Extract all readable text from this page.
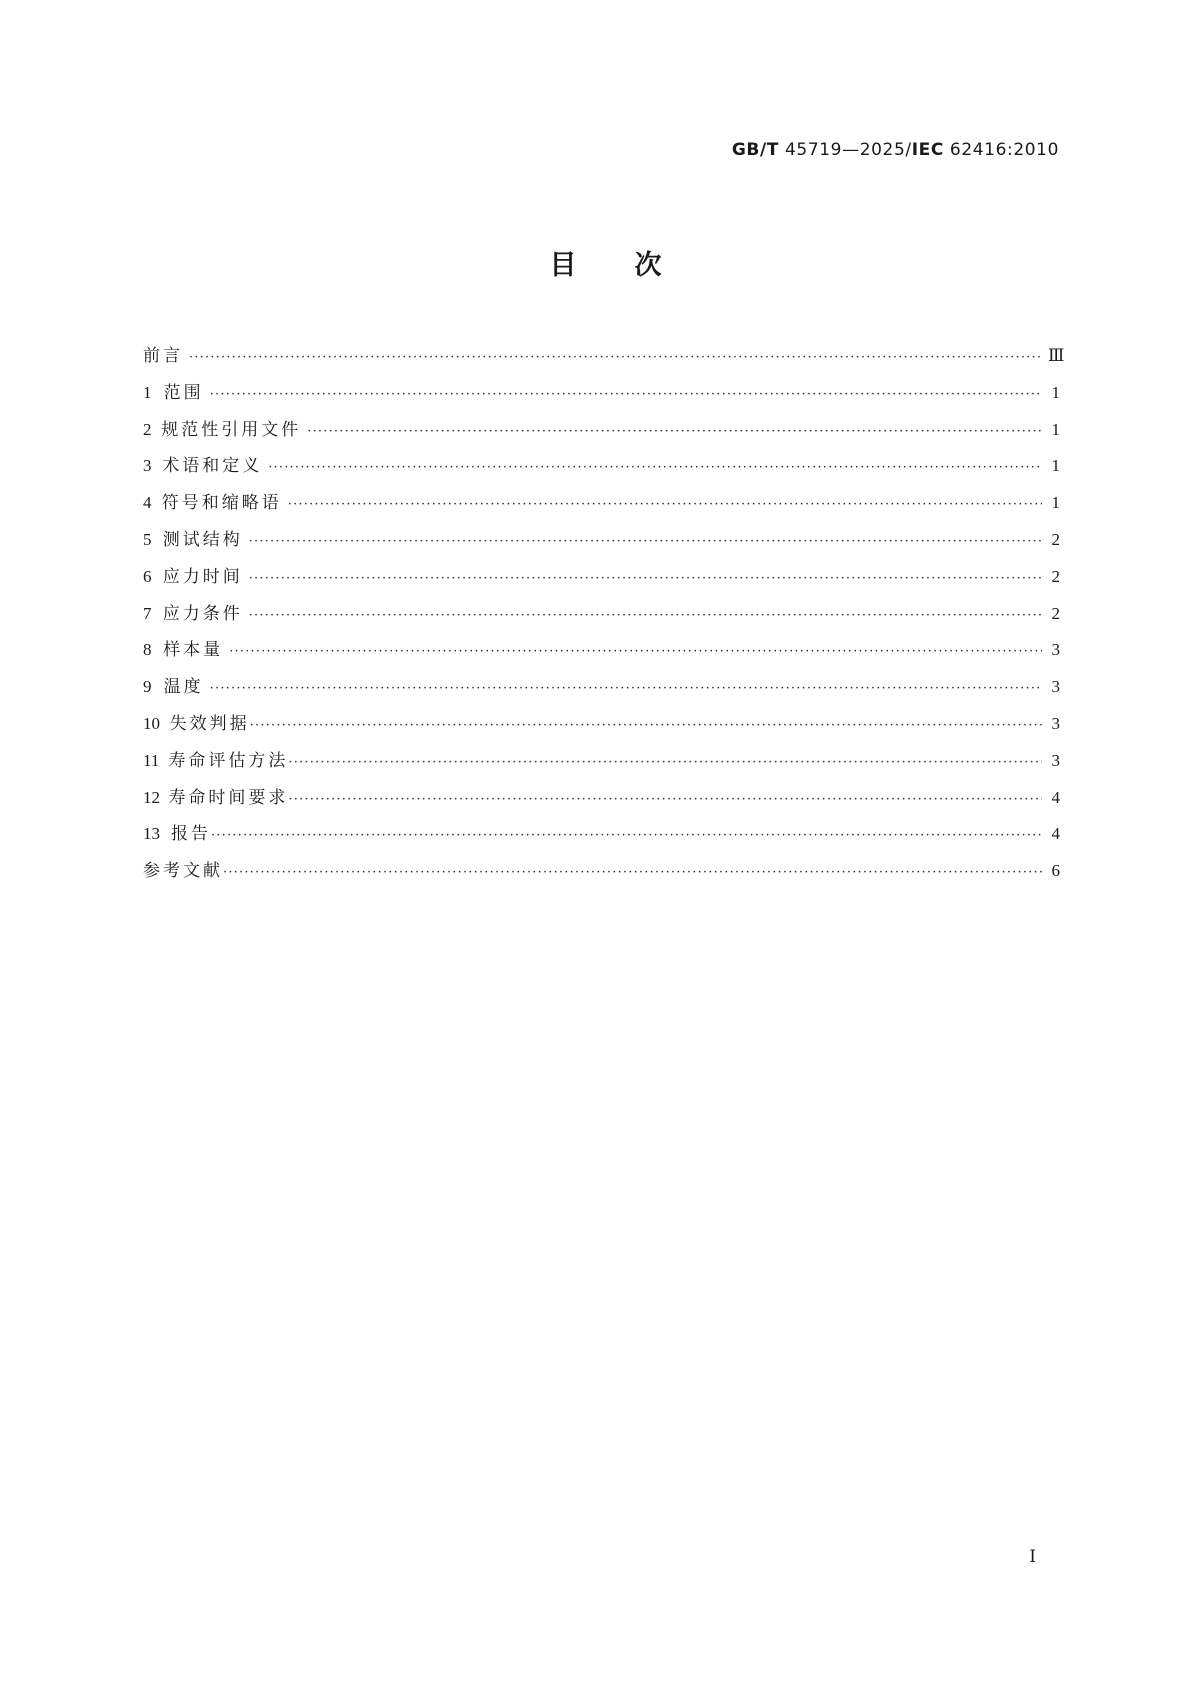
GB/T 45719—2025/IEC 62416:2010
目次
前言 ·····	Ⅲ
1 范围 ·····	1
2 规范性引用文件 ·····	1
3 术语和定义 ·····	1
4 符号和缩略语 ·····	1
5 测试结构 ·····	2
6 应力时间 ·····	2
7 应力条件 ·····	2
8 样本量 ·····	3
9 温度 ·····	3
10 失效判据 ·····	3
11 寿命评估方法 ·····	3
12 寿命时间要求 ·····	4
13 报告 ·····	4
参考文献 ·····	6
Ⅰ
